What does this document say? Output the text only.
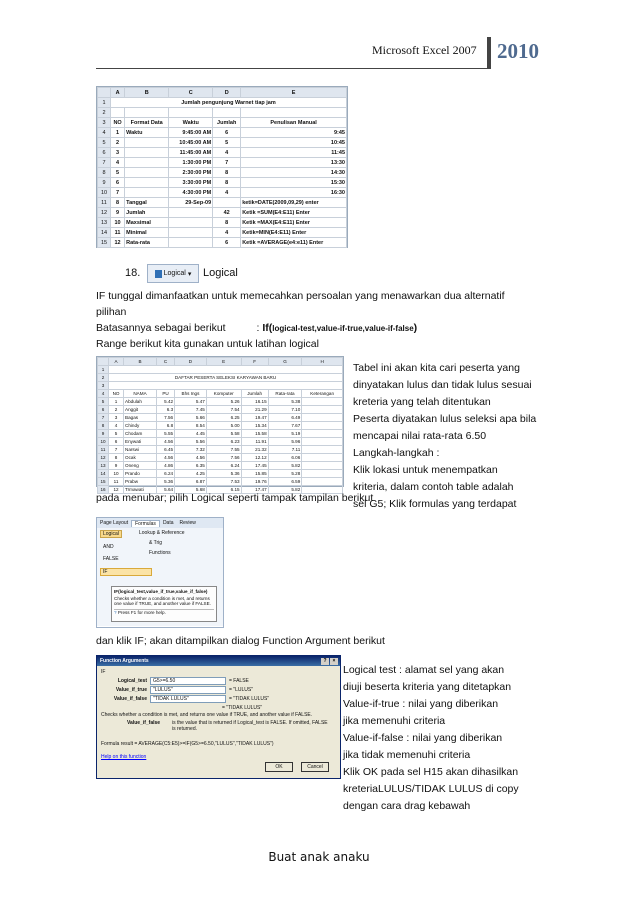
Microsoft Excel 2007 2010
	A	B	C	D	E
1	Jumlah pengunjung Warnet tiap jam				
2					
3	NO	Format Data	Waktu	Jumlah	Penulisan Manual
4	1	Waktu	9:45:00 AM	6	9:45
5	2		10:45:00 AM	5	10:45
6	3		11:45:00 AM	4	11:45
7	4		1:30:00 PM	7	13:30
8	5		2:30:00 PM	8	14:30
9	6		3:30:00 PM	8	15:30
10	7		4:30:00 PM	4	16:30
11	8	Tanggal	29-Sep-09		ketik=DATE(2009,09,29) enter
12	9	Jumlah		42	Ketik =SUM(E4:E11) Enter
13	10	Maxsimal		8	Ketik =MAX(E4:E11) Enter
14	11	Minimal		4	Ketik=MIN(E4:E11) Enter
15	12	Rata-rata		6	Ketik =AVERAGE(e4:e11) Enter
18.	Logical ▾ Logical
IF tunggal dimanfaatkan untuk memecahkan persoalan yang menawarkan dua alternatif
pilihan
Batasannya sebagai berikut	: If(logical-test,value-if-true,value-if-false)
Range berikut kita gunakan untuk latihan logical
	A	B	C	D	E	F	G	H
1								
2	DAFTAR PESERTA SELEKSI KARYAWAN BARU							
3								
4	NO	NAMA	PU	Bhs Ings	Komputer	Jumlah	Rata-rata	Keterangan
5	1	Abdulah	5.42	5.47	5.26	16.15	5.38	
6	2	Anggit	6.3	7.45	7.54	21.29	7.10	
7	3	Bagas	7.56	5.66	6.25	19.47	6.49	
8	4	Chindy	6.8	8.54	5.00	15.34	7.67	
9	5	Chodam	5.55	4.45	5.58	15.58	5.19	
10	6	Enywati	4.56	5.56	6.23	11.91	5.96	
11	7	Narswi	6.45	7.32	7.55	21.32	7.11	
12	8	Ocak	4.56	4.56	7.56	12.12	6.06	
13	9	Oneng	4.86	6.35	6.24	17.45	5.82	
14	10	Prando	6.24	4.25	5.36	15.85	5.28	
15	11	Prabw	5.36	6.87	7.53	19.76	6.59	
16	12	Trmawati	5.64	5.68	6.15	17.47	5.82	
Tabel ini akan kita cari peserta yang
dinyatakan lulus dan tidak lulus sesuai
kreteria yang telah ditentukan
Peserta diyatakan lulus seleksi apa bila
mencapai nilai rata-rata 6.50
Langkah-langkah :
Klik lokasi untuk menempatkan
kriteria, dalam contoh table adalah
sel G5; Klik formulas yang terdapat
pada menubar; pilih Logical seperti tampak tampilan berikut
Page Layout	Formulas	Data	Review
Logical	Lookup & Reference
AND
& Trig
FALSE
Functions
IF
IF(logical_test,value_if_true,value_if_false)
Checks whether a condition is met, and returns one value if TRUE, and another value if FALSE.
? Press F1 for more help.
dan klik IF; akan ditampilkan dialog Function Argument berikut
Function Arguments	?	×
IF
Logical_test	G5>=6.50	= FALSE
Value_if_true	"LULUS"	= "LULUS"
Value_if_false	"TIDAK LULUS"	= "TIDAK LULUS"
= "TIDAK LULUS"
Checks whether a condition is met, and returns one value if TRUE, and another value if FALSE.
Value_if_false is the value that is returned if Logical_test is FALSE. If omitted, FALSE is returned.
Formula result = AVERAGE(C5:E5)>=IF(G5>=6.50,"LULUS","TIDAK LULUS")
Help on this function
OK	Cancel
Logical test : alamat sel yang akan
diuji beserta kriteria yang ditetapkan
Value-if-true : nilai yang diberikan
jika memenuhi criteria
Value-if-false : nilai yang diberikan
jika tidak memenuhi criteria
Klik OK pada sel H15 akan dihasilkan
kreteriaLULUS/TIDAK LULUS di copy
dengan cara drag kebawah
Buat anak anaku
